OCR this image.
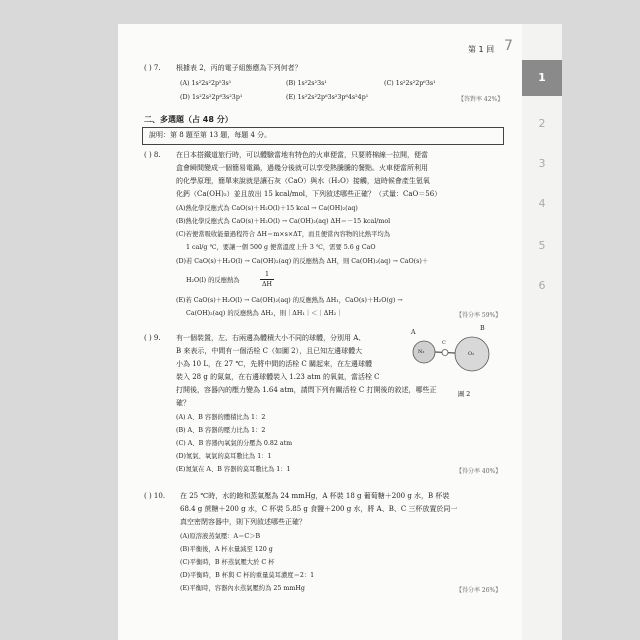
第 1 回 7
( ) 7. 根據表 2，丙的電子組態應為下列何者？
(A) 1s²2s²2p⁵3s¹	(B) 1s²2s²3s¹	(C) 1s²2s²2p⁶3s¹
(D) 1s²2s²2p⁶3s²3p¹	(E) 1s²2s²2p⁶3s²3p⁶4s²4p¹	【答對率 42%】
二、多選題（占 48 分）
說明：第 8 題至第 13 題，每題 4 分。
( ) 8. 在日本搭鐵道旅行時，可以體驗當地有特色的火車便當，只要將棉線一拉開，便當
盒會瞬間變成一個簡易電鍋，過幾分後就可以享受熱騰騰的餐點。火車便當所利用
的化學原理，簡單來說就是讓石灰（CaO）與水（H₂O）接觸，這時候會產生氫氧
化鈣（Ca(OH)₂）並且放出 15 kcal/mol，下列敘述哪些正確？（式量：CaO＝56）
(A)熱化學反應式為 CaO(s)＋H₂O(l)＋15 kcal → Ca(OH)₂(aq)
(B)熱化學反應式為 CaO(s)＋H₂O(l) → Ca(OH)₂(aq) ΔH＝－15 kcal/mol
(C)若便當吸收能量過程符合 ΔH＝m×s×ΔT，而且便當內容物的比熱平均為
1 cal/g ℃，要讓一個 500 g 便當溫度上升 3 ℃，需要 5.6 g CaO
(D)若 CaO(s)＋H₂O(l) → Ca(OH)₂(aq) 的反應熱為 ΔH，則 Ca(OH)₂(aq) → CaO(s)＋
H₂O(l) 的反應熱為
1
ΔH
(E)若 CaO(s)＋H₂O(l) → Ca(OH)₂(aq) 的反應熱為 ΔH₁，CaO(s)＋H₂O(g) →
Ca(OH)₂(aq) 的反應熱為 ΔH₂，則｜ΔH₁｜＜｜ΔH₂｜	【得分率 59%】
( ) 9. 有一個裝置，左、右兩邊為體積大小不同的球體，分別用 A、
B 來表示，中間有一個活栓 C（如圖 2），且已知左邊球體大
小為 10 L，在 27 ℃，先將中間的活栓 C 關起來，在左邊球體
裝入 28 g 的氮氣，在右邊球體裝入 1.23 atm 的氧氣，當活栓 C
打開後，容器內的壓力變為 1.64 atm，請問下列有關活栓 C 打開後的敘述，哪些正
確？
A
B
C
N₂	O₂
圖 2
(A) A、B 容器的體積比為 1：2
(B) A、B 容器的壓力比為 1：2
(C) A、B 容器內氧氣的分壓為 0.82 atm
(D)氮氣、氧氣的莫耳數比為 1：1
(E)氮氣在 A、B 容器的莫耳數比為 1：1	【得分率 40%】
( ) 10. 在 25 ℃時，水的飽和蒸氣壓為 24 mmHg，A 杯裝 18 g 葡萄糖＋200 g 水，B 杯裝
68.4 g 蔗糖＋200 g 水，C 杯裝 5.85 g 食鹽＋200 g 水，將 A、B、C 三杯放置於同一
真空密閉容器中，則下列敘述哪些正確？
(A)原溶液蒸氣壓：A＝C＞B
(B)平衡後，A 杯水量減至 120 g
(C)平衡時，B 杯蒸氣壓大於 C 杯
(D)平衡時，B 杯與 C 杯的重量莫耳濃度＝2：1
(E)平衡時，容器內水蒸氣壓約為 25 mmHg	【得分率 26%】
1
2
3
4
5
6
